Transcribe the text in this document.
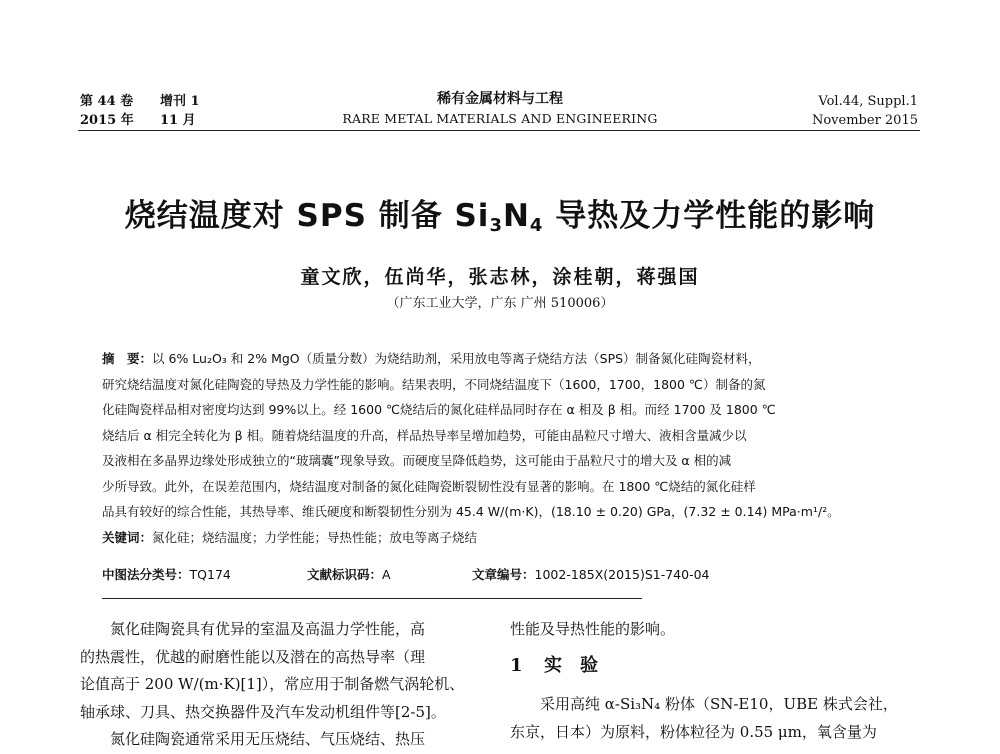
第 44 卷 增刊 1
2015 年 11 月
稀有金属材料与工程
RARE METAL MATERIALS AND ENGINEERING
Vol.44, Suppl.1
November 2015
烧结温度对 SPS 制备 $Si_3N_4$ 导热及力学性能的影响
童文欣，伍尚华，张志林，涂桂朝，蒋强国
（广东工业大学，广东 广州 510006）

摘　要：以 6% Lu₂O₃ 和 2% MgO（质量分数）为烧结助剂，采用放电等离子烧结方法（SPS）制备氮化硅陶瓷材料，

研究烧结温度对氮化硅陶瓷的导热及力学性能的影响。结果表明，不同烧结温度下（1600，1700，1800 ℃）制备的氮

化硅陶瓷样品相对密度均达到 99%以上。经 1600 ℃烧结后的氮化硅样品同时存在 α 相及 β 相。而经 1700 及 1800 ℃

烧结后 α 相完全转化为 β 相。随着烧结温度的升高，样品热导率呈增加趋势，可能由晶粒尺寸增大、液相含量减少以

及液相在多晶界边缘处形成独立的“玻璃囊”现象导致。而硬度呈降低趋势，这可能由于晶粒尺寸的增大及 α 相的减

少所导致。此外，在误差范围内，烧结温度对制备的氮化硅陶瓷断裂韧性没有显著的影响。在 1800 ℃烧结的氮化硅样

品具有较好的综合性能，其热导率、维氏硬度和断裂韧性分别为 45.4 W/(m·K)，(18.10 ± 0.20) GPa，(7.32 ± 0.14) MPa·m¹/²。

关键词：氮化硅；烧结温度；力学性能；导热性能；放电等离子烧结

中图法分类号：TQ174	文献标识码：A	文章编号：1002-185X(2015)S1-740-04

　　氮化硅陶瓷具有优异的室温及高温力学性能，高

的热震性，优越的耐磨性能以及潜在的高热导率（理

论值高于 200 W/(m·K)[1]），常应用于制备燃气涡轮机、

轴承球、刀具、热交换器件及汽车发动机组件等[2-5]。

　　氮化硅陶瓷通常采用无压烧结、气压烧结、热压

性能及导热性能的影响。

1 实　验

　　采用高纯 α-Si₃N₄ 粉体（SN-E10，UBE 株式会社，

东京，日本）为原料，粉体粒径为 0.55 μm，氧含量为
